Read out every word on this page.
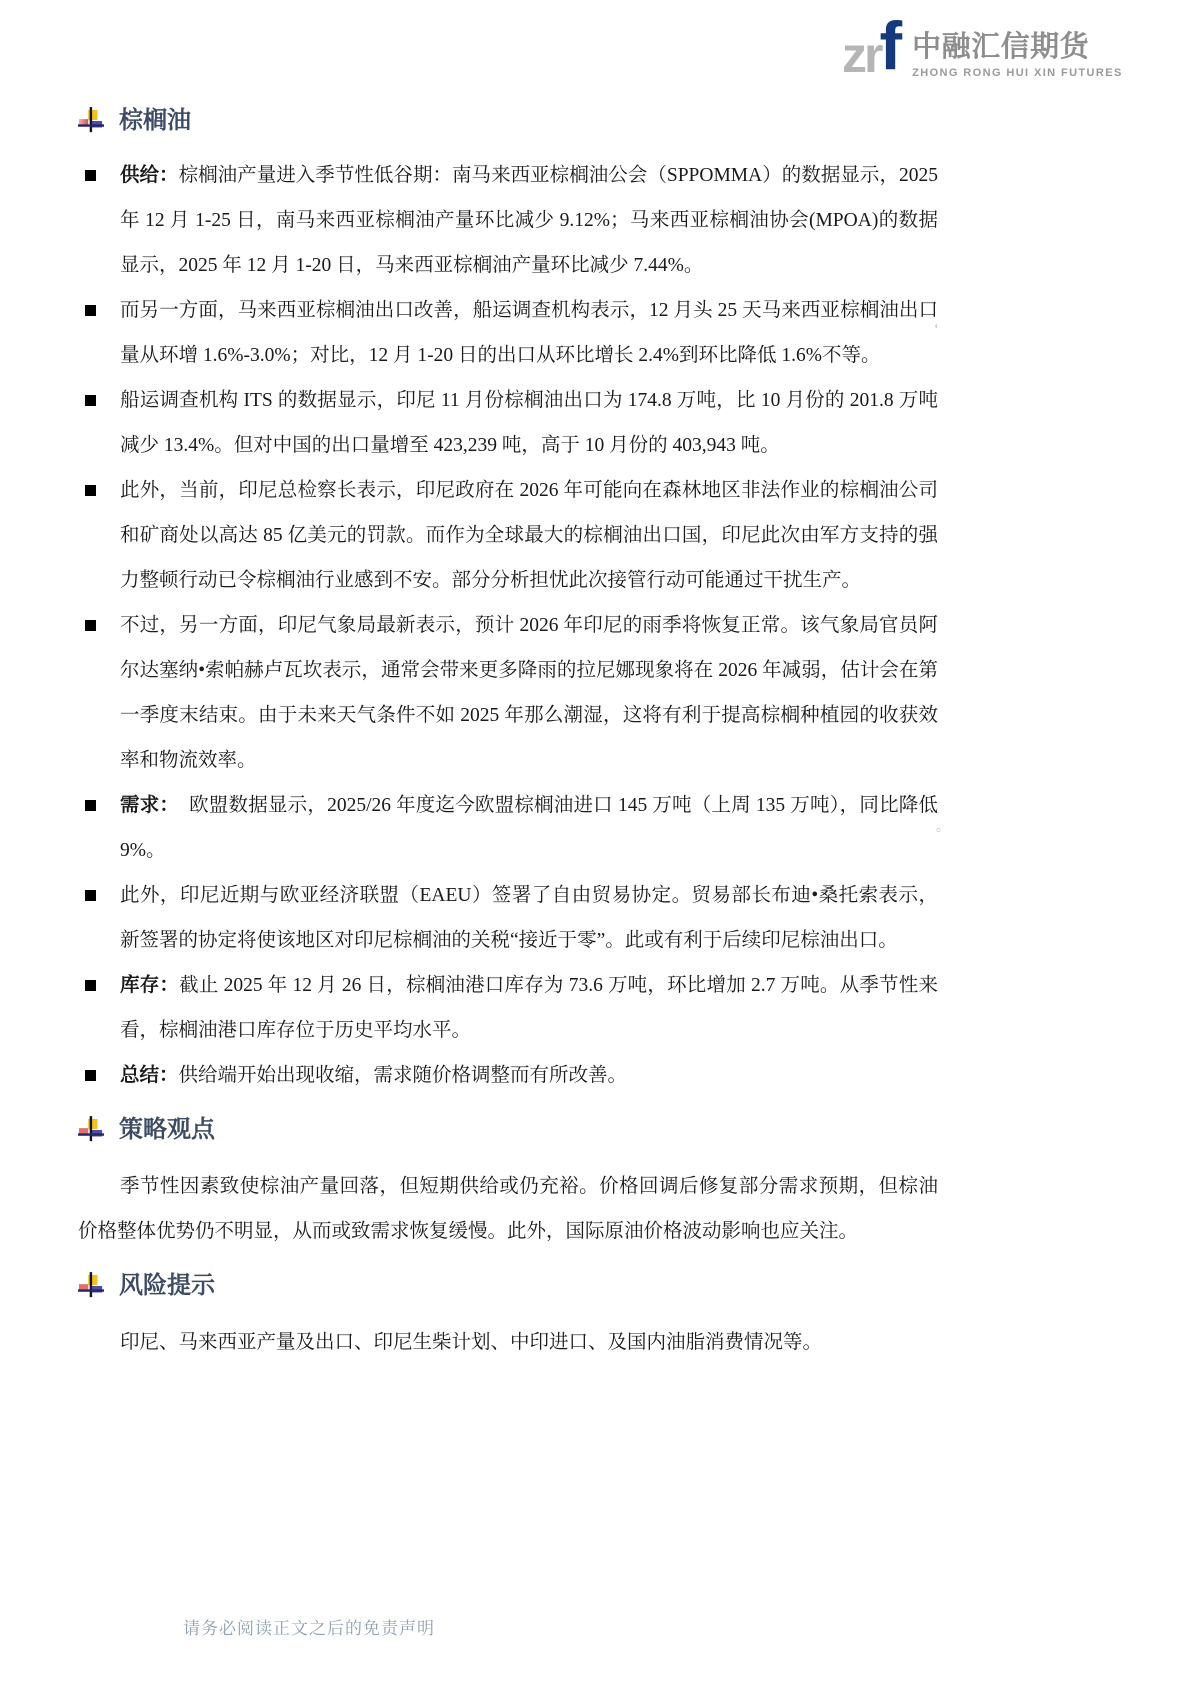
zr f 中融汇信期货
ZHONG RONG HUI XIN FUTURES
棕榈油
供给：棕榈油产量进入季节性低谷期：南马来西亚棕榈油公会（SPPOMMA）的数据显示，2025 年 12 月 1-25 日，南马来西亚棕榈油产量环比减少 9.12%；马来西亚棕榈油协会(MPOA)的数据显示，2025 年 12 月 1-20 日，马来西亚棕榈油产量环比减少 7.44%。
而另一方面，马来西亚棕榈油出口改善，船运调查机构表示，12 月头 25 天马来西亚棕榈油出口量从环增 1.6%-3.0%；对比，12 月 1-20 日的出口从环比增长 2.4%到环比降低 1.6%不等。
船运调查机构 ITS 的数据显示，印尼 11 月份棕榈油出口为 174.8 万吨，比 10 月份的 201.8 万吨减少 13.4%。但对中国的出口量增至 423,239 吨，高于 10 月份的 403,943 吨。
此外，当前，印尼总检察长表示，印尼政府在 2026 年可能向在森林地区非法作业的棕榈油公司和矿商处以高达 85 亿美元的罚款。而作为全球最大的棕榈油出口国，印尼此次由军方支持的强力整顿行动已令棕榈油行业感到不安。部分分析担忧此次接管行动可能通过干扰生产。
不过，另一方面，印尼气象局最新表示，预计 2026 年印尼的雨季将恢复正常。该气象局官员阿尔达塞纳•索帕赫卢瓦坎表示，通常会带来更多降雨的拉尼娜现象将在 2026 年减弱，估计会在第一季度末结束。由于未来天气条件不如 2025 年那么潮湿，这将有利于提高棕榈种植园的收获效率和物流效率。
需求：　欧盟数据显示，2025/26 年度迄今欧盟棕榈油进口 145 万吨（上周 135 万吨），同比降低 9%。
此外，印尼近期与欧亚经济联盟（EAEU）签署了自由贸易协定。贸易部长布迪•桑托索表示，新签署的协定将使该地区对印尼棕榈油的关税“接近于零”。此或有利于后续印尼棕油出口。
库存：截止 2025 年 12 月 26 日，棕榈油港口库存为 73.6 万吨，环比增加 2.7 万吨。从季节性来看，棕榈油港口库存位于历史平均水平。
总结：供给端开始出现收缩，需求随价格调整而有所改善。
策略观点

季节性因素致使棕油产量回落，但短期供给或仍充裕。价格回调后修复部分需求预期，但棕油价格整体优势仍不明显，从而或致需求恢复缓慢。此外，国际原油价格波动影响也应关注。

风险提示

印尼、马来西亚产量及出口、印尼生柴计划、中印进口、及国内油脂消费情况等。

‘
。
请务必阅读正文之后的免责声明
